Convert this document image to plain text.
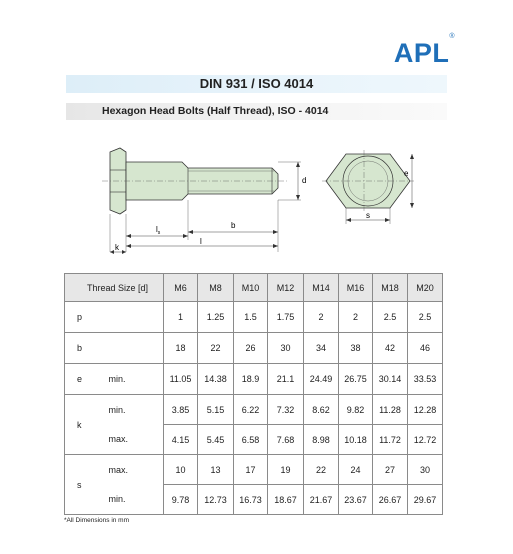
APL®
DIN 931 / ISO 4014
Hexagon Head Bolts (Half Thread), ISO - 4014
d
$l_s$
b
l
k
e
s
Thread Size [d]		M6	M8	M10	M12	M14	M16	M18	M20
p		1	1.25	1.5	1.75	2	2	2.5	2.5
b		18	22	26	30	34	38	42	46
e	min.	11.05	14.38	18.9	21.1	24.49	26.75	30.14	33.53
k	min.	3.85	5.15	6.22	7.32	8.62	9.82	11.28	12.28
	max.	4.15	5.45	6.58	7.68	8.98	10.18	11.72	12.72
s	max.	10	13	17	19	22	24	27	30
	min.	9.78	12.73	16.73	18.67	21.67	23.67	26.67	29.67
*All Dimensions in mm
